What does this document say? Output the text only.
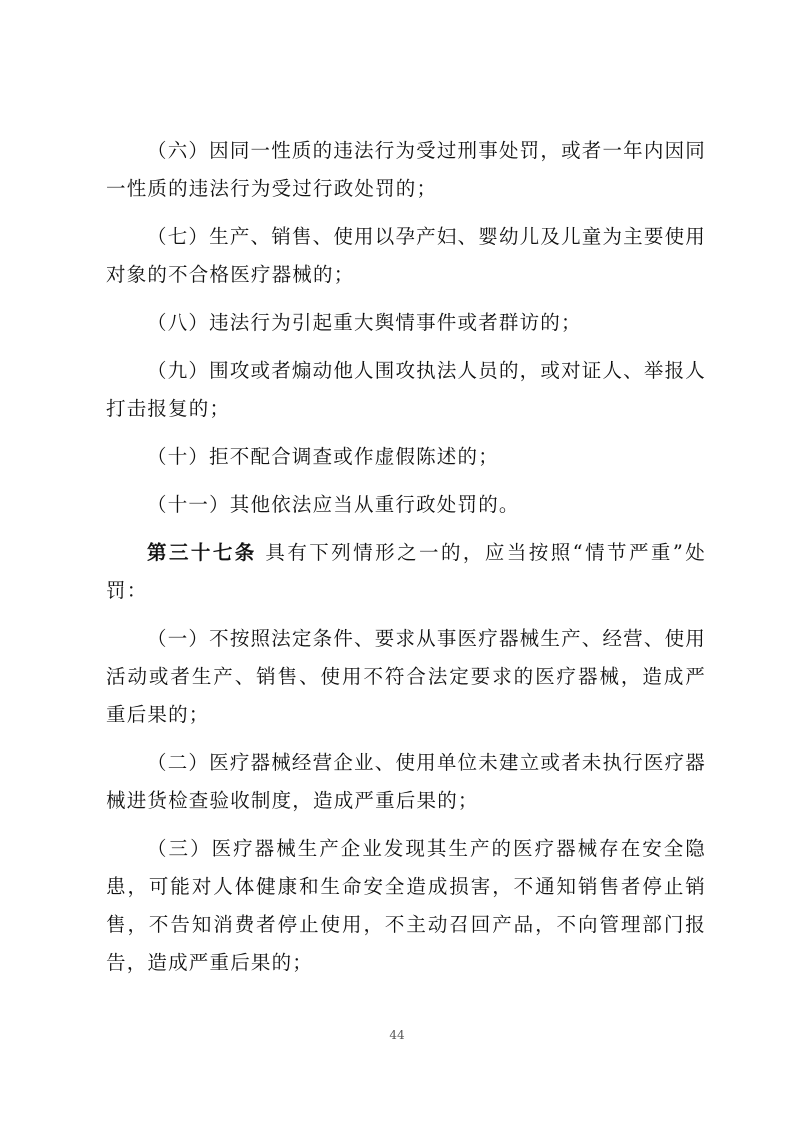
（六）因同一性质的违法行为受过刑事处罚，或者一年内因同一性质的违法行为受过行政处罚的；

（七）生产、销售、使用以孕产妇、婴幼儿及儿童为主要使用对象的不合格医疗器械的；

（八）违法行为引起重大舆情事件或者群访的；

（九）围攻或者煽动他人围攻执法人员的，或对证人、举报人打击报复的；

（十）拒不配合调查或作虚假陈述的；

（十一）其他依法应当从重行政处罚的。

第三十七条 具有下列情形之一的，应当按照“情节严重”处罚：

（一）不按照法定条件、要求从事医疗器械生产、经营、使用活动或者生产、销售、使用不符合法定要求的医疗器械，造成严重后果的；

（二）医疗器械经营企业、使用单位未建立或者未执行医疗器械进货检查验收制度，造成严重后果的；

（三）医疗器械生产企业发现其生产的医疗器械存在安全隐患，可能对人体健康和生命安全造成损害，不通知销售者停止销售，不告知消费者停止使用，不主动召回产品，不向管理部门报告，造成严重后果的；

44
